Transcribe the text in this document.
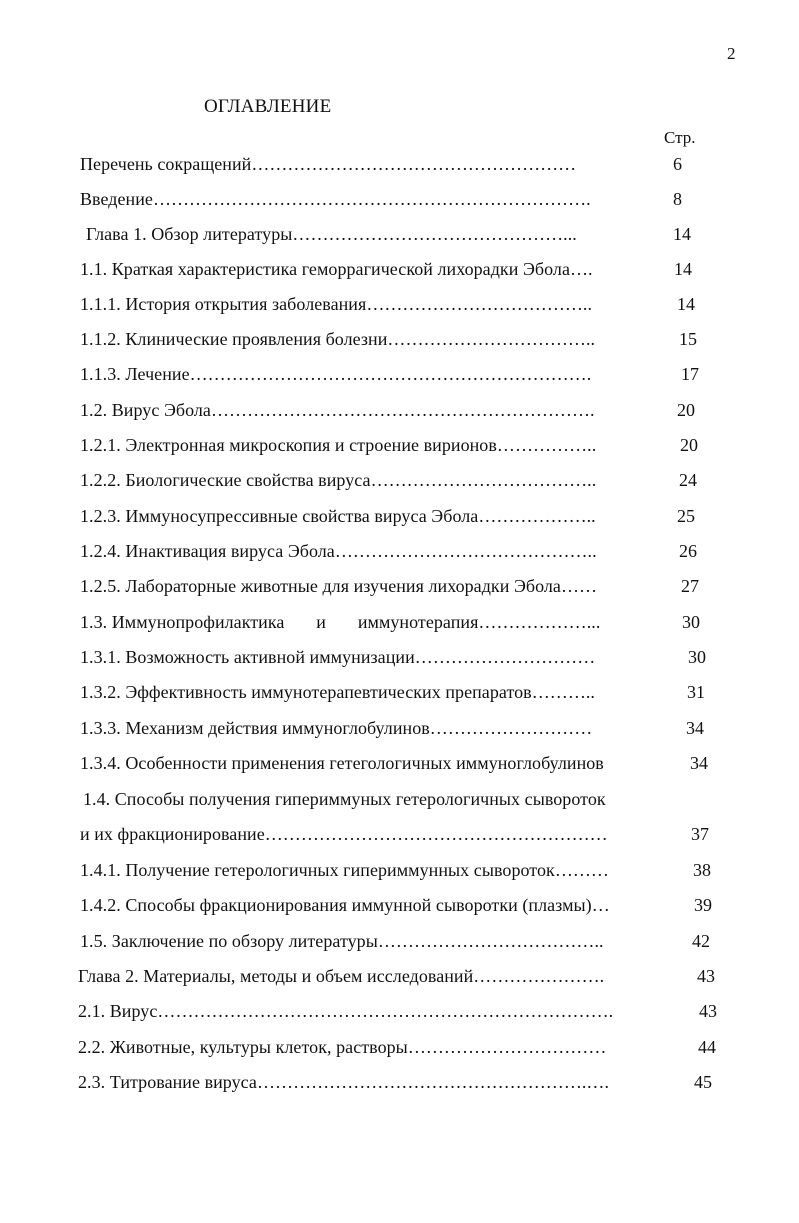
2
ОГЛАВЛЕНИЕ
Стр.
Перечень сокращений………………………………………………	6
Введение……………………………………………………………….	8
Глава 1. Обзор литературы………………………………………...	14
1.1. Краткая характеристика геморрагической лихорадки Эбола….	14
1.1.1. История открытия заболевания………………………………..	14
1.1.2. Клинические проявления болезни……………………………..	15
1.1.3. Лечение………………………………………………………….	17
1.2. Вирус Эбола……………………………………………………….	20
1.2.1. Электронная микроскопия и строение вирионов……………..	20
1.2.2. Биологические свойства вируса………………………………..	24
1.2.3. Иммуносупрессивные свойства вируса Эбола………………..	25
1.2.4. Инактивация вируса Эбола……………………………………..	26
1.2.5. Лабораторные животные для изучения лихорадки Эбола……	27
1.3. Иммунопрофилактика       и       иммунотерапия………………...	30
1.3.1. Возможность активной иммунизации…………………………	30
1.3.2. Эффективность иммунотерапевтических препаратов………..	31
1.3.3. Механизм действия иммуноглобулинов………………………	34
1.3.4. Особенности применения гетегологичных иммуноглобулинов	34
1.4. Способы получения гипериммуных гетерологичных сывороток
и их фракционирование…………………………………………………	37
1.4.1. Получение гетерологичных гипериммунных сывороток………	38
1.4.2. Способы фракционирования иммунной сыворотки (плазмы)…	39
1.5. Заключение по обзору литературы………………………………..	42
Глава 2. Материалы, методы и объем исследований………………….	43
2.1. Вирус………………………………………………………………….	43
2.2. Животные, культуры клеток, растворы……………………………	44
2.3. Титрование вируса……………………………………………….….	45
